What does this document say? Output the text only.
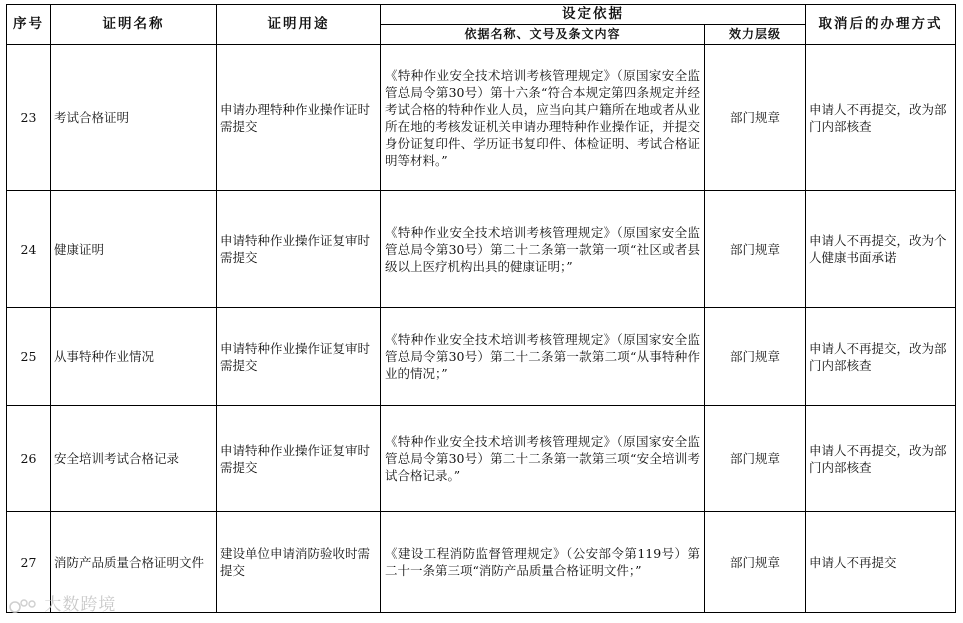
序号	证明名称	证明用途	设定依据		取消后的办理方式
			依据名称、文号及条文内容	效力层级	
23	考试合格证明	申请办理特种作业操作证时需提交	《特种作业安全技术培训考核管理规定》（原国家安全监管总局令第30号）第十六条“符合本规定第四条规定并经考试合格的特种作业人员，应当向其户籍所在地或者从业所在地的考核发证机关申请办理特种作业操作证，并提交身份证复印件、学历证书复印件、体检证明、考试合格证明等材料。”	部门规章	申请人不再提交，改为部门内部核查
24	健康证明	申请特种作业操作证复审时需提交	《特种作业安全技术培训考核管理规定》（原国家安全监管总局令第30号）第二十二条第一款第一项“社区或者县级以上医疗机构出具的健康证明；”	部门规章	申请人不再提交，改为个人健康书面承诺
25	从事特种作业情况	申请特种作业操作证复审时需提交	《特种作业安全技术培训考核管理规定》（原国家安全监管总局令第30号）第二十二条第一款第二项“从事特种作业的情况；”	部门规章	申请人不再提交，改为部门内部核查
26	安全培训考试合格记录	申请特种作业操作证复审时需提交	《特种作业安全技术培训考核管理规定》（原国家安全监管总局令第30号）第二十二条第一款第三项“安全培训考试合格记录。”	部门规章	申请人不再提交，改为部门内部核查
27	消防产品质量合格证明文件	建设单位申请消防验收时需提交	《建设工程消防监督管理规定》（公安部令第119号）第二十一条第三项“消防产品质量合格证明文件；”	部门规章	申请人不再提交
大数跨境
